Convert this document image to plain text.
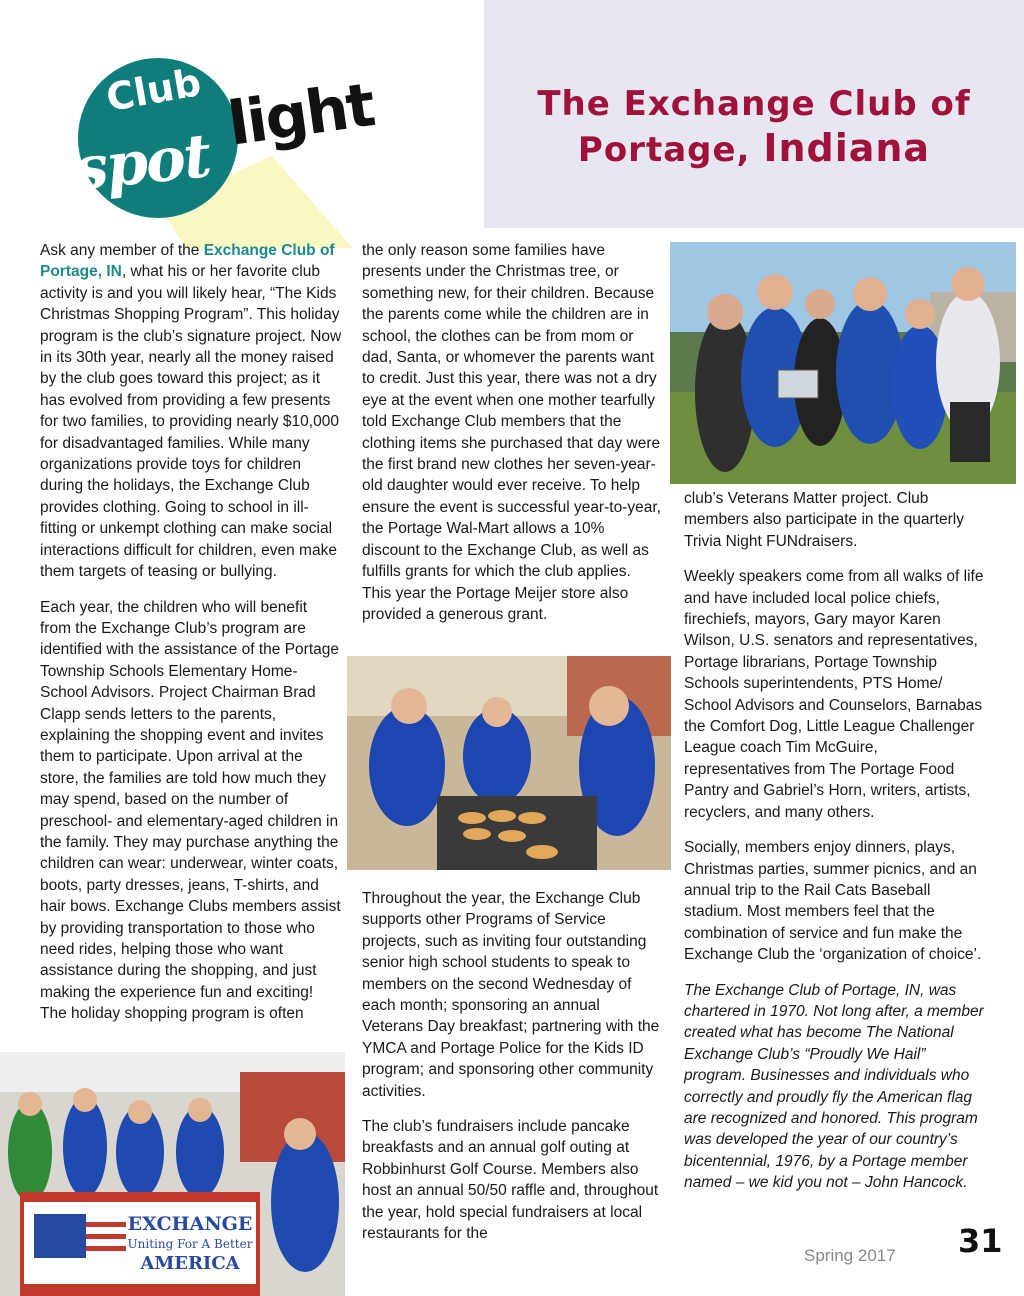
Club
spot
light	The Exchange Club of
Portage, Indiana

Ask any member of the Exchange Club of Portage, IN, what his or her favorite club activity is and you will likely hear, “The Kids Christmas Shopping Program”. This holiday program is the club’s signature project. Now in its 30th year, nearly all the money raised by the club goes toward this project; as it has evolved from providing a few presents for two families, to providing nearly $10,000 for disadvantaged families. While many organizations provide toys for children during the holidays, the Exchange Club provides clothing. Going to school in ill-fitting or unkempt clothing can make social interactions difficult for children, even make them targets of teasing or bullying.

Each year, the children who will benefit from the Exchange Club’s program are identified with the assistance of the Portage Township Schools Elementary Home-School Advisors. Project Chairman Brad Clapp sends letters to the parents, explaining the shopping event and invites them to participate. Upon arrival at the store, the families are told how much they may spend, based on the number of preschool- and elementary-aged children in the family. They may purchase anything the children can wear: underwear, winter coats, boots, party dresses, jeans, T-shirts, and hair bows. Exchange Clubs members assist by providing transportation to those who need rides, helping those who want assistance during the shopping, and just making the experience fun and exciting! The holiday shopping program is often

the only reason some families have presents under the Christmas tree, or something new, for their children. Because the parents come while the children are in school, the clothes can be from mom or dad, Santa, or whomever the parents want to credit. Just this year, there was not a dry eye at the event when one mother tearfully told Exchange Club members that the clothing items she purchased that day were the first brand new clothes her seven-year-old daughter would ever receive. To help ensure the event is successful year-to-year, the Portage Wal-Mart allows a 10% discount to the Exchange Club, as well as fulfills grants for which the club applies. This year the Portage Meijer store also provided a generous grant.

Throughout the year, the Exchange Club supports other Programs of Service projects, such as inviting four outstanding senior high school students to speak to members on the second Wednesday of each month; sponsoring an annual Veterans Day breakfast; partnering with the YMCA and Portage Police for the Kids ID program; and sponsoring other community activities.

The club’s fundraisers include pancake breakfasts and an annual golf outing at Robbinhurst Golf Course. Members also host an annual 50/50 raffle and, throughout the year, hold special fundraisers at local restaurants for the

club’s Veterans Matter project. Club members also participate in the quarterly Trivia Night FUNdraisers.

Weekly speakers come from all walks of life and have included local police chiefs, firechiefs, mayors, Gary mayor Karen Wilson, U.S. senators and representatives, Portage librarians, Portage Township Schools superintendents, PTS Home/ School Advisors and Counselors, Barnabas the Comfort Dog, Little League Challenger League coach Tim McGuire, representatives from The Portage Food Pantry and Gabriel’s Horn, writers, artists, recyclers, and many others.

Socially, members enjoy dinners, plays, Christmas parties, summer picnics, and an annual trip to the Rail Cats Baseball stadium. Most members feel that the combination of service and fun make the Exchange Club the ‘organization of choice’.

The Exchange Club of Portage, IN, was chartered in 1970. Not long after, a member created what has become The National Exchange Club’s “Proudly We Hail” program. Businesses and individuals who correctly and proudly fly the American flag are recognized and honored. This program was developed the year of our country’s bicentennial, 1976, by a Portage member named – we kid you not – John Hancock.

EXCHANGE
Uniting For A Better
AMERICA	Spring 2017 31
